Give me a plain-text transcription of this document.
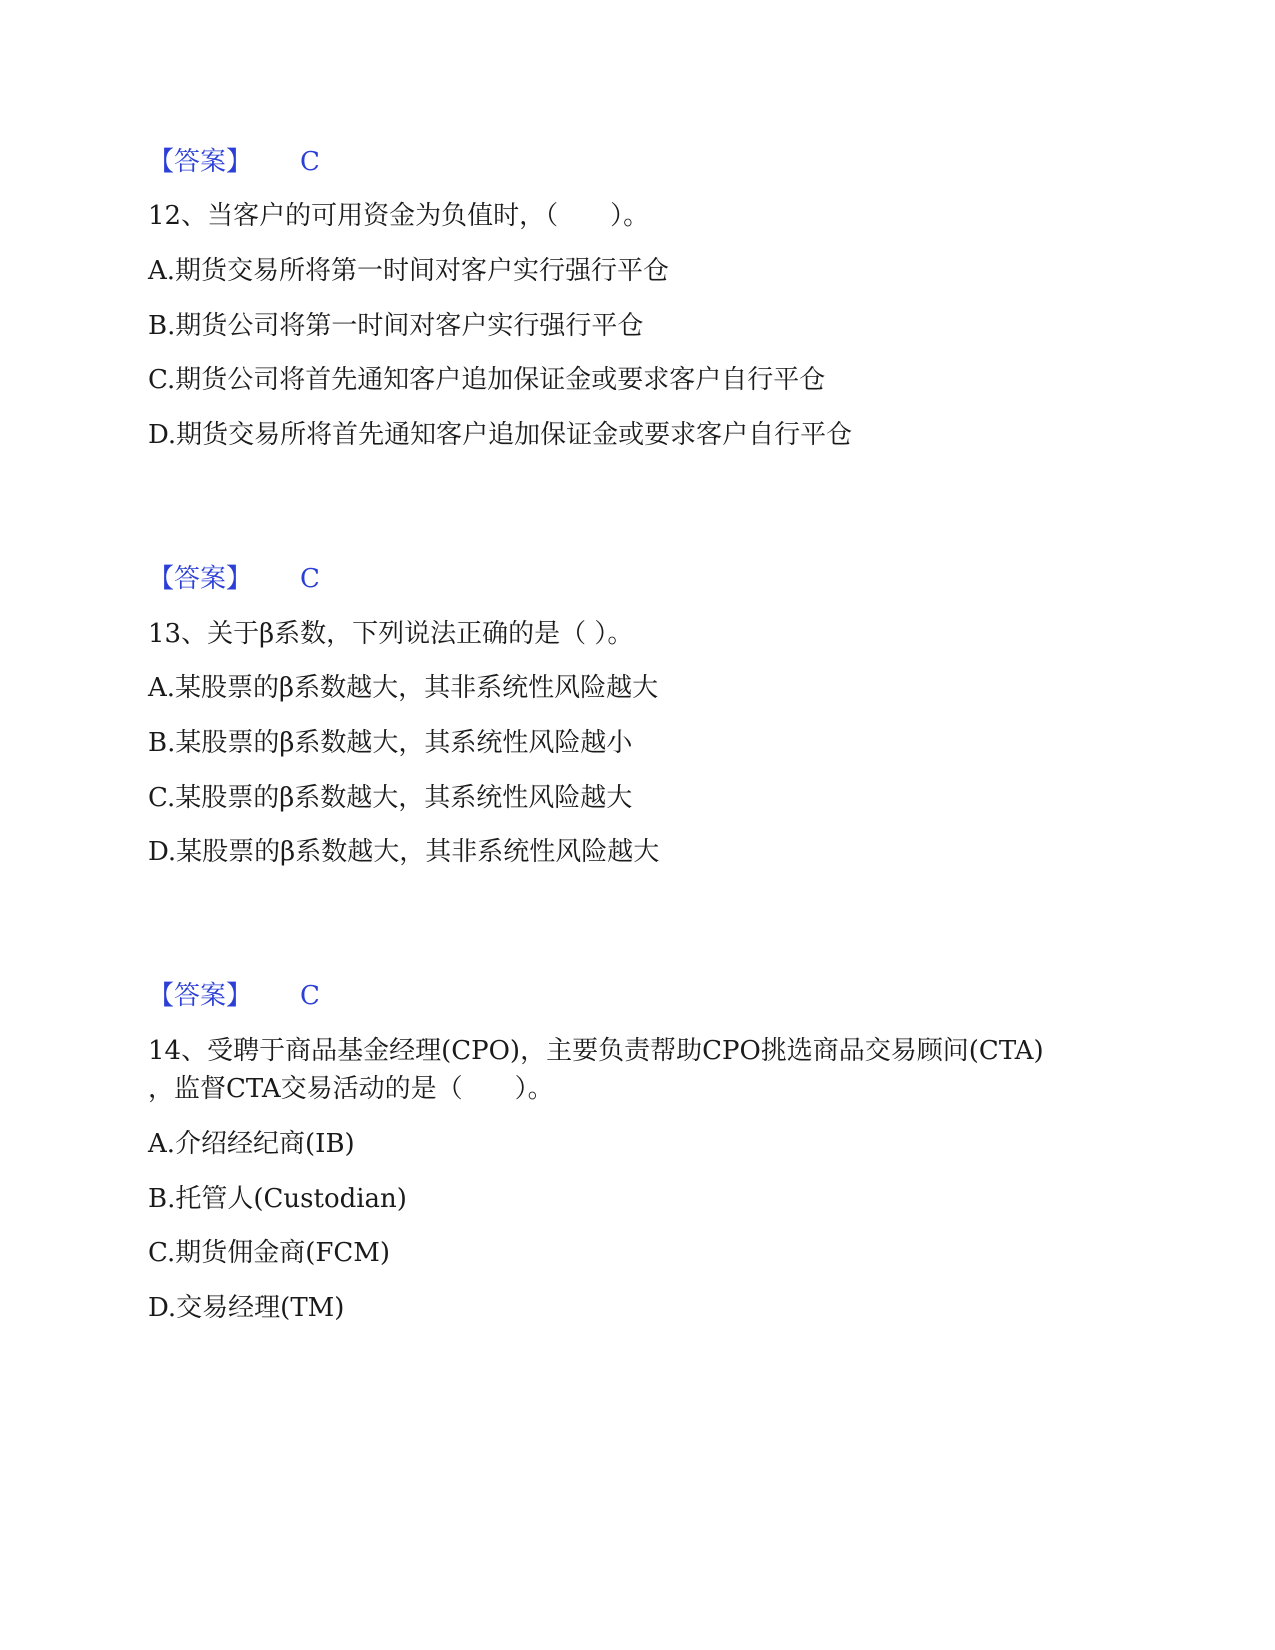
【答案】 C
12、当客户的可用资金为负值时，（　　）。
A.期货交易所将第一时间对客户实行强行平仓
B.期货公司将第一时间对客户实行强行平仓
C.期货公司将首先通知客户追加保证金或要求客户自行平仓
D.期货交易所将首先通知客户追加保证金或要求客户自行平仓
【答案】 C
13、关于β系数，下列说法正确的是（ ）。
A.某股票的β系数越大，其非系统性风险越大
B.某股票的β系数越大，其系统性风险越小
C.某股票的β系数越大，其系统性风险越大
D.某股票的β系数越大，其非系统性风险越大
【答案】 C
14、受聘于商品基金经理(CPO)，主要负责帮助CPO挑选商品交易顾问(CTA)
，监督CTA交易活动的是（　　）。
A.介绍经纪商(IB)
B.托管人(Custodian)
C.期货佣金商(FCM)
D.交易经理(TM)
